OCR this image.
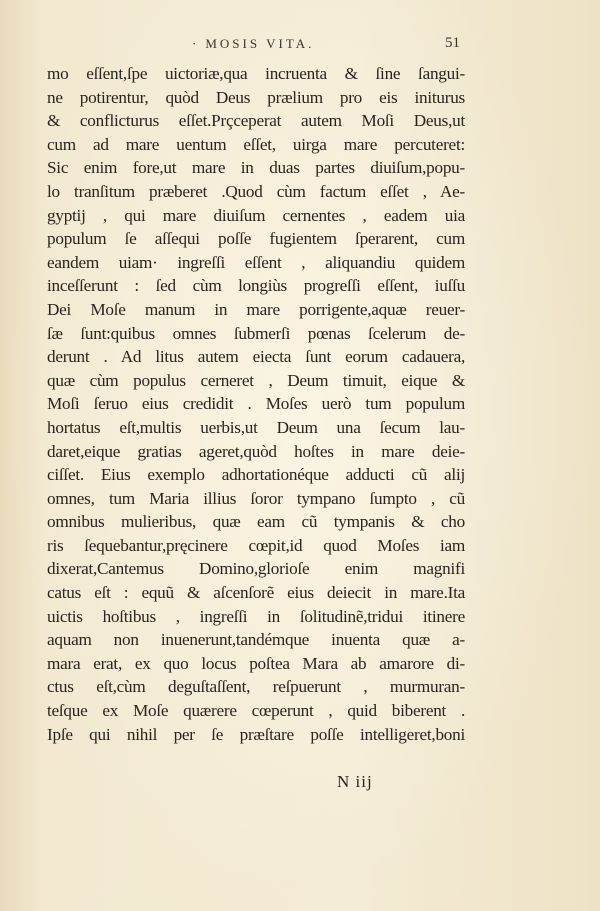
· MOSIS VITA.	51
mo eſſent,ſpe uictoriæ,qua incruenta & ſine ſangui-
ne potirentur, quòd Deus prælium pro eis initurus
& conflicturus eſſet.Prçceperat autem Moſi Deus,ut
cum ad mare uentum eſſet, uirga mare percuteret:
Sic enim fore,ut mare in duas partes diuiſum,popu-
lo tranſitum præberet .Quod cùm factum eſſet , Ae-
gyptij , qui mare diuiſum cernentes , eadem uia
populum ſe aſſequi poſſe fugientem ſperarent, cum
eandem uiam· ingreſſi eſſent , aliquandiu quidem
inceſſerunt : ſed cùm longiùs progreſſi eſſent, iuſſu
Dei Moſe manum in mare porrigente,aquæ reuer-
ſæ ſunt:quibus omnes ſubmerſi pœnas ſcelerum de-
derunt . Ad litus autem eiecta ſunt eorum cadauera,
quæ cùm populus cerneret , Deum timuit, eique &
Moſi ſeruo eius credidit . Moſes uerò tum populum
hortatus eſt,multis uerbis,ut Deum una ſecum lau-
daret,eique gratias ageret,quòd hoſtes in mare deie-
ciſſet. Eius exemplo adhortationéque adducti cũ alij
omnes, tum Maria illius ſoror tympano ſumpto , cũ
omnibus mulieribus, quæ eam cũ tympanis & cho
ris ſequebantur,pręcinere cœpit,id quod Moſes iam
dixerat,Cantemus Domino,glorioſe enim magnifi
catus eſt : equũ & aſcenſorẽ eius deiecit in mare.Ita
uictis hoſtibus , ingreſſi in ſolitudinẽ,tridui itinere
aquam non inuenerunt,tandémque inuenta quæ a-
mara erat, ex quo locus poſtea Mara ab amarore di-
ctus eſt,cùm deguſtaſſent, reſpuerunt , murmuran-
teſque ex Moſe quærere cœperunt , quid biberent .
Ipſe qui nihil per ſe præſtare poſſe intelligeret,boni
N iij
